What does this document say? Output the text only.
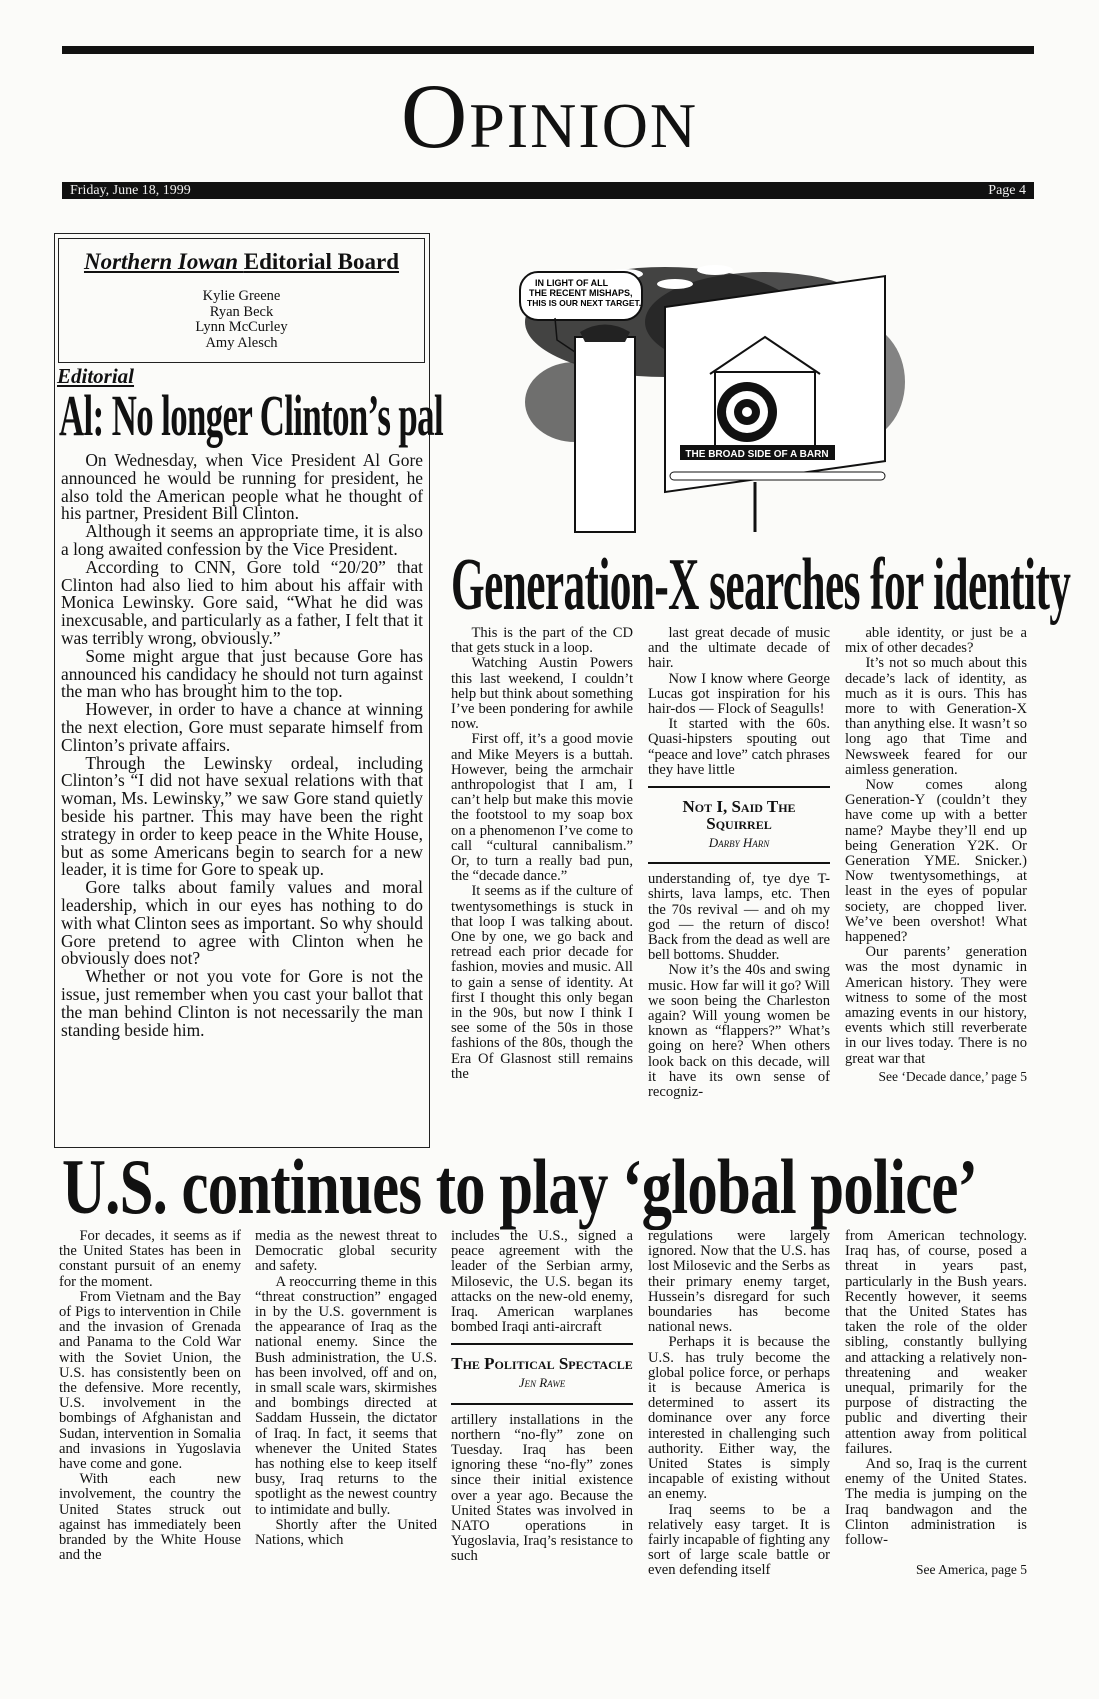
Opinion
Friday, June 18, 1999	Page 4
Northern Iowan Editorial Board
Kylie Greene
Ryan Beck
Lynn McCurley
Amy Alesch
Editorial
Al: No longer Clinton’s pal

On Wednesday, when Vice President Al Gore announced he would be running for president, he also told the American people what he thought of his partner, President Bill Clinton.

Although it seems an appropriate time, it is also a long awaited confession by the Vice President.

According to CNN, Gore told “20/20” that Clinton had also lied to him about his affair with Monica Lewinsky. Gore said, “What he did was inexcusable, and particularly as a father, I felt that it was terribly wrong, obviously.”

Some might argue that just because Gore has announced his candidacy he should not turn against the man who has brought him to the top.

However, in order to have a chance at winning the next election, Gore must separate himself from Clinton’s private affairs.

Through the Lewinsky ordeal, including Clinton’s “I did not have sexual relations with that woman, Ms. Lewinsky,” we saw Gore stand quietly beside his partner. This may have been the right strategy in order to keep peace in the White House, but as some Americans begin to search for a new leader, it is time for Gore to speak up.

Gore talks about family values and moral leadership, which in our eyes has nothing to do with what Clinton sees as important. So why should Gore pretend to agree with Clinton when he obviously does not?

Whether or not you vote for Gore is not the issue, just remember when you cast your ballot that the man behind Clinton is not necessarily the man standing beside him.

IN LIGHT OF ALL
THE RECENT MISHAPS,
THIS IS OUR NEXT TARGET.
THE BROAD SIDE OF A BARN
Generation-X searches for identity

This is the part of the CD that gets stuck in a loop.

Watching Austin Powers this last weekend, I couldn’t help but think about something I’ve been pondering for awhile now.

First off, it’s a good movie and Mike Meyers is a buttah. However, being the armchair anthropologist that I am, I can’t help but make this movie the footstool to my soap box on a phenomenon I’ve come to call “cultural cannibalism.” Or, to turn a really bad pun, the “decade dance.”

It seems as if the culture of twentysomethings is stuck in that loop I was talking about. One by one, we go back and retread each prior decade for fashion, movies and music. All to gain a sense of identity. At first I thought this only began in the 90s, but now I think I see some of the 50s in those fashions of the 80s, though the Era Of Glasnost still remains the

last great decade of music and the ultimate decade of hair.

Now I know where George Lucas got inspiration for his hair-dos — Flock of Seagulls!

It started with the 60s. Quasi-hipsters spouting out “peace and love” catch phrases they have little

Not I, Said The Squirrel
Darby Harn

understanding of, tye dye T-shirts, lava lamps, etc. Then the 70s revival — and oh my god — the return of disco! Back from the dead as well are bell bottoms. Shudder.

Now it’s the 40s and swing music. How far will it go? Will we soon being the Charleston again? Will young women be known as “flappers?” What’s going on here? When others look back on this decade, will it have its own sense of recogniz-

able identity, or just be a mix of other decades?

It’s not so much about this decade’s lack of identity, as much as it is ours. This has more to with Generation-X than anything else. It wasn’t so long ago that Time and Newsweek feared for our aimless generation.

Now comes along Generation-Y (couldn’t they have come up with a better name? Maybe they’ll end up being Generation Y2K. Or Generation YME. Snicker.) Now twentysomethings, at least in the eyes of popular society, are chopped liver. We’ve been overshot! What happened?

Our parents’ generation was the most dynamic in American history. They were witness to some of the most amazing events in our history, events which still reverberate in our lives today. There is no great war that

See ‘Decade dance,’ page 5
U.S. continues to play ‘global police’

For decades, it seems as if the United States has been in constant pursuit of an enemy for the moment.

From Vietnam and the Bay of Pigs to intervention in Chile and the invasion of Grenada and Panama to the Cold War with the Soviet Union, the U.S. has consistently been on the defensive. More recently, U.S. involvement in the bombings of Afghanistan and Sudan, intervention in Somalia and invasions in Yugoslavia have come and gone.

With each new involvement, the country the United States struck out against has immediately been branded by the White House and the

media as the newest threat to Democratic global security and safety.

A reoccurring theme in this “threat construction” engaged in by the U.S. government is the appearance of Iraq as the national enemy. Since the Bush administration, the U.S. has been involved, off and on, in small scale wars, skirmishes and bombings directed at Saddam Hussein, the dictator of Iraq. In fact, it seems that whenever the United States has nothing else to keep itself busy, Iraq returns to the spotlight as the newest country to intimidate and bully.

Shortly after the United Nations, which

includes the U.S., signed a peace agreement with the leader of the Serbian army, Milosevic, the U.S. began its attacks on the new-old enemy, Iraq. American warplanes bombed Iraqi anti-aircraft

The Political Spectacle
Jen Rawe

artillery installations in the northern “no-fly” zone on Tuesday. Iraq has been ignoring these “no-fly” zones since their initial existence over a year ago. Because the United States was involved in NATO operations in Yugoslavia, Iraq’s resistance to such

regulations were largely ignored. Now that the U.S. has lost Milosevic and the Serbs as their primary enemy target, Hussein’s disregard for such boundaries has become national news.

Perhaps it is because the U.S. has truly become the global police force, or perhaps it is because America is determined to assert its dominance over any force interested in challenging such authority. Either way, the United States is simply incapable of existing without an enemy.

Iraq seems to be a relatively easy target. It is fairly incapable of fighting any sort of large scale battle or even defending itself

from American technology. Iraq has, of course, posed a threat in years past, particularly in the Bush years. Recently however, it seems that the United States has taken the role of the older sibling, constantly bullying and attacking a relatively non-threatening and weaker unequal, primarily for the purpose of distracting the public and diverting their attention away from political failures.

And so, Iraq is the current enemy of the United States. The media is jumping on the Iraq bandwagon and the Clinton administration is follow-

See America, page 5
